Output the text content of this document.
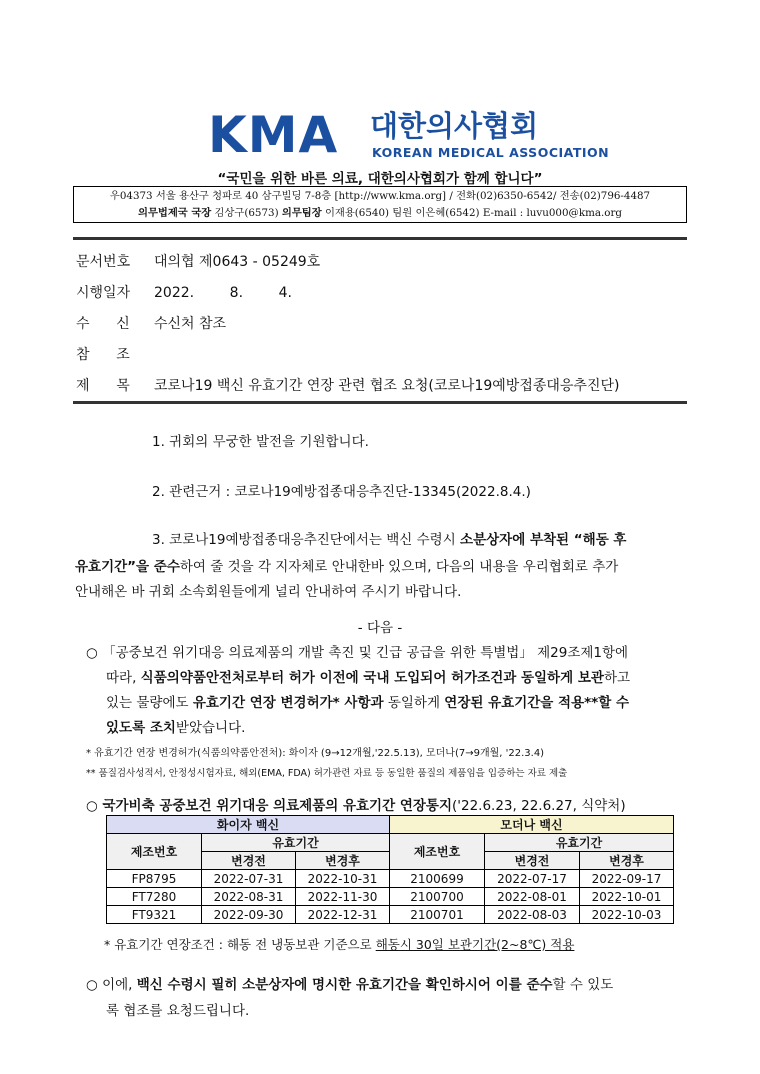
KMA 대한의사협회
KOREAN MEDICAL ASSOCIATION
“국민을 위한 바른 의료, 대한의사협회가 함께 합니다”
우04373 서울 용산구 청파로 40 삼구빌딩 7-8층 [http://www.kma.org] / 전화(02)6350-6542/ 전송(02)796-4487
의무법제국 국장 김상구(6573) 의무팀장 이재용(6540) 팀원 이은혜(6542) E-mail : luvu000@kma.org
문서번호 대의협 제0643 - 05249호
시행일자 2022.        8.        4.
수      신 수신처 참조
참      조
제      목 코로나19 백신 유효기간 연장 관련 협조 요청(코로나19예방접종대응추진단)
1. 귀회의 무궁한 발전을 기원합니다.
2. 관련근거 : 코로나19예방접종대응추진단-13345(2022.8.4.)
3. 코로나19예방접종대응추진단에서는 백신 수령시 소분상자에 부착된 “해동 후
유효기간”을 준수하여 줄 것을 각 지자체로 안내한바 있으며, 다음의 내용을 우리협회로 추가
안내해온 바 귀회 소속회원들에게 널리 안내하여 주시기 바랍니다.
- 다음 -
○ 「공중보건 위기대응 의료제품의 개발 촉진 및 긴급 공급을 위한 특별법」 제29조제1항에
따라, 식품의약품안전처로부터 허가 이전에 국내 도입되어 허가조건과 동일하게 보관하고
있는 물량에도 유효기간 연장 변경허가* 사항과 동일하게 연장된 유효기간을 적용**할 수
있도록 조치받았습니다.
* 유효기간 연장 변경허가(식품의약품안전처): 화이자 (9→12개월,'22.5.13), 모더나(7→9개월, '22.3.4)
** 품질검사성적서, 안정성시험자료, 해외(EMA, FDA) 허가관련 자료 등 동일한 품질의 제품임을 입증하는 자료 제출
○ 국가비축 공중보건 위기대응 의료제품의 유효기간 연장통지('22.6.23, 22.6.27, 식약처)
화이자 백신			모더나 백신		
제조번호	유효기간		제조번호	유효기간	
	변경전	변경후		변경전	변경후
FP8795	2022-07-31	2022-10-31	2100699	2022-07-17	2022-09-17
FT7280	2022-08-31	2022-11-30	2100700	2022-08-01	2022-10-01
FT9321	2022-09-30	2022-12-31	2100701	2022-08-03	2022-10-03
* 유효기간 연장조건 : 해동 전 냉동보관 기준으로 해동시 30일 보관기간(2~8℃) 적용
○ 이에, 백신 수령시 필히 소분상자에 명시한 유효기간을 확인하시어 이를 준수할 수 있도
록 협조를 요청드립니다.
